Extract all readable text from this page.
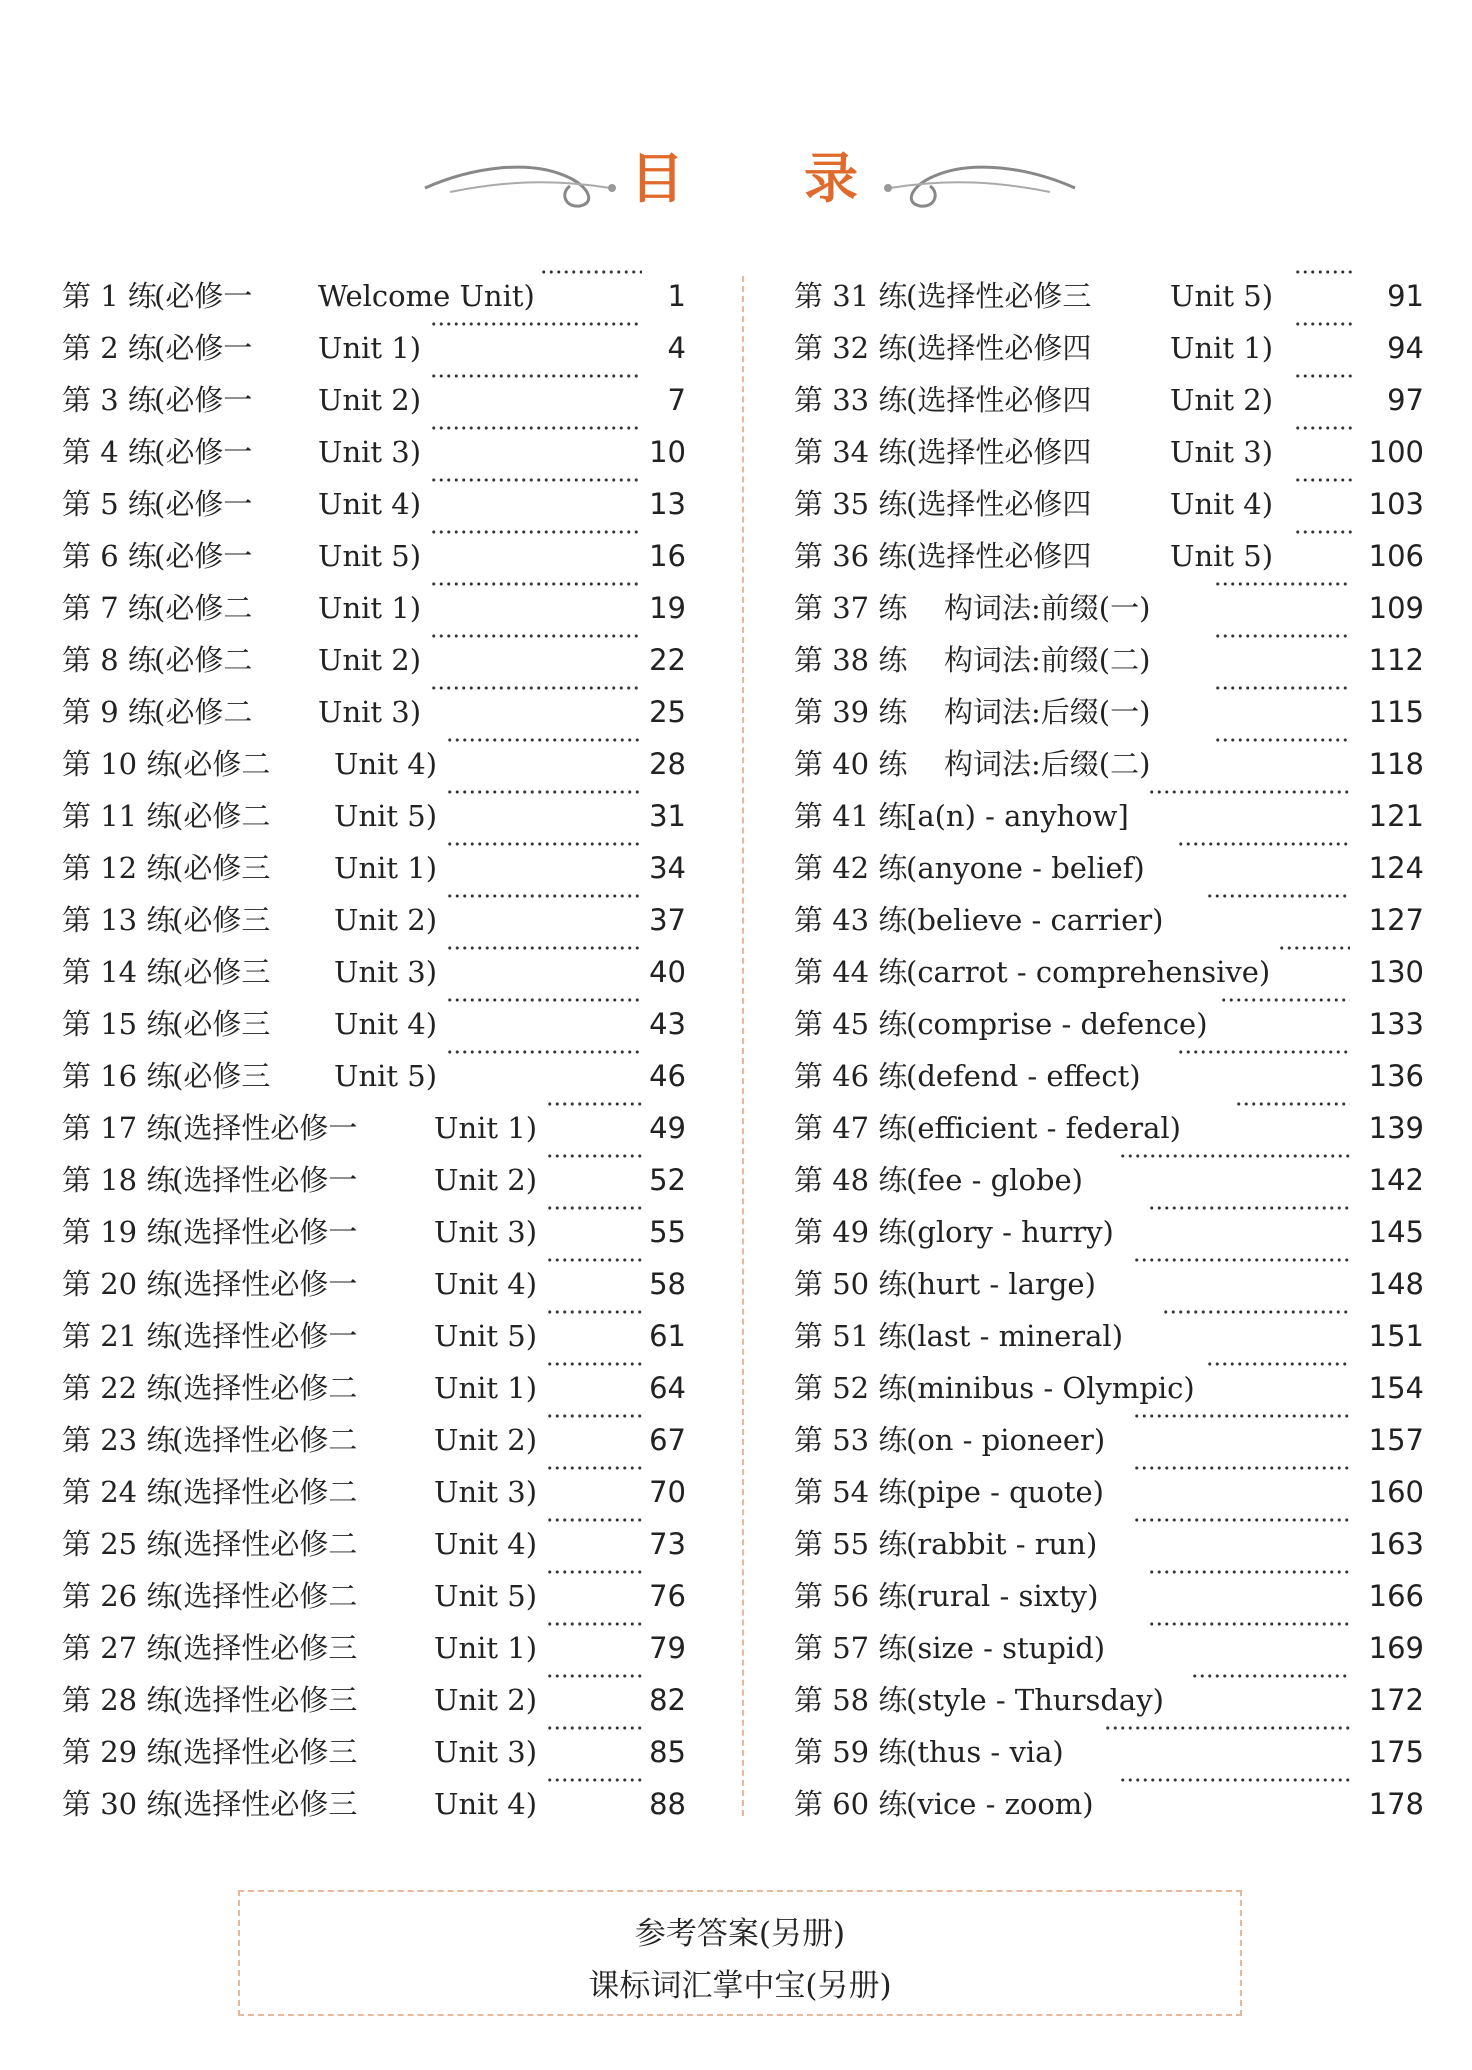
目 录
第 1 练
(必修一 Welcome Unit)	1
第 2 练
(必修一 Unit 1)	4
第 3 练
(必修一 Unit 2)	7
第 4 练
(必修一 Unit 3)	10
第 5 练
(必修一 Unit 4)	13
第 6 练
(必修一 Unit 5)	16
第 7 练
(必修二 Unit 1)	19
第 8 练
(必修二 Unit 2)	22
第 9 练
(必修二 Unit 3)	25
第 10 练
(必修二 Unit 4)	28
第 11 练
(必修二 Unit 5)	31
第 12 练
(必修三 Unit 1)	34
第 13 练
(必修三 Unit 2)	37
第 14 练
(必修三 Unit 3)	40
第 15 练
(必修三 Unit 4)	43
第 16 练
(必修三 Unit 5)	46
第 17 练
(选择性必修一	Unit 1)	49
第 18 练
(选择性必修一	Unit 2)	52
第 19 练
(选择性必修一	Unit 3)	55
第 20 练
(选择性必修一	Unit 4)	58
第 21 练
(选择性必修一	Unit 5)	61
第 22 练
(选择性必修二	Unit 1)	64
第 23 练
(选择性必修二	Unit 2)	67
第 24 练
(选择性必修二	Unit 3)	70
第 25 练
(选择性必修二	Unit 4)	73
第 26 练
(选择性必修二	Unit 5)	76
第 27 练
(选择性必修三	Unit 1)	79
第 28 练
(选择性必修三	Unit 2)	82
第 29 练
(选择性必修三	Unit 3)	85
第 30 练
(选择性必修三	Unit 4)	88
第 31 练
(选择性必修三	Unit 5)	91
第 32 练
(选择性必修四	Unit 1)	94
第 33 练
(选择性必修四	Unit 2)	97
第 34 练
(选择性必修四	Unit 3)	100
第 35 练
(选择性必修四	Unit 4)	103
第 36 练
(选择性必修四	Unit 5)	106
第 37 练 构词法:前缀(一)	109
第 38 练 构词法:前缀(二)	112
第 39 练 构词法:后缀(一)	115
第 40 练 构词法:后缀(二)	118
第 41 练
[a(n) - anyhow]	121
第 42 练
(anyone - belief)	124
第 43 练
(believe - carrier)	127
第 44 练
(carrot - comprehensive)	130
第 45 练
(comprise - defence)	133
第 46 练
(defend - effect)	136
第 47 练
(efficient - federal)	139
第 48 练
(fee - globe)	142
第 49 练
(glory - hurry)	145
第 50 练
(hurt - large)	148
第 51 练
(last - mineral)	151
第 52 练
(minibus - Olympic)	154
第 53 练
(on - pioneer)	157
第 54 练
(pipe - quote)	160
第 55 练
(rabbit - run)	163
第 56 练
(rural - sixty)	166
第 57 练
(size - stupid)	169
第 58 练
(style - Thursday)	172
第 59 练
(thus - via)	175
第 60 练
(vice - zoom)	178
参考答案(另册)
课标词汇掌中宝(另册)
